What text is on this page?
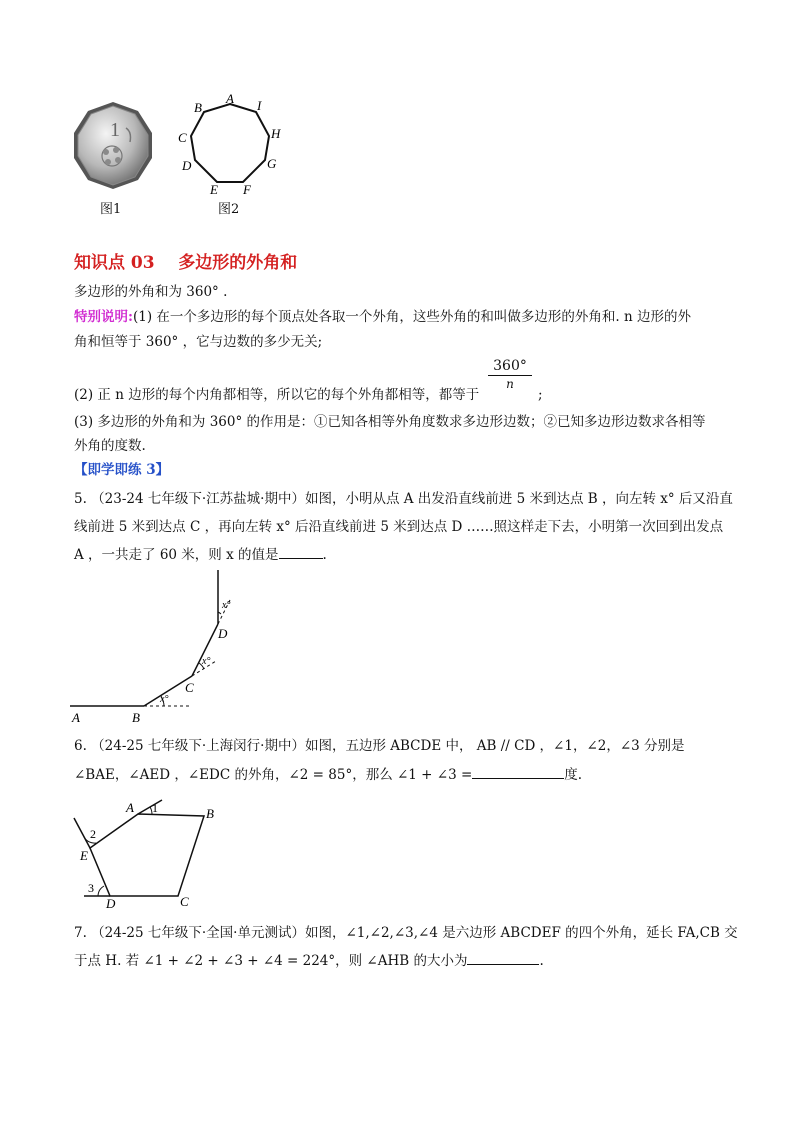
1
图1
A I
H
G
F
E
D
C
B
图2
知识点 03    多边形的外角和
多边形的外角和为 360° .
特别说明:(1) 在一个多边形的每个顶点处各取一个外角，这些外角的和叫做多边形的外角和. n 边形的外
角和恒等于 360° ，它与边数的多少无关;
360°
n
(2) 正 n 边形的每个内角都相等，所以它的每个外角都相等，都等于	;
(3) 多边形的外角和为 360° 的作用是：①已知各相等外角度数求多边形边数；②已知多边形边数求各相等
外角的度数.
【即学即练 3】
5. （23-24 七年级下·江苏盐城·期中）如图，小明从点 A 出发沿直线前进 5 米到达点 B ，向左转 x° 后又沿直
线前进 5 米到达点 C ，再向左转 x° 后沿直线前进 5 米到达点 D ……照这样走下去，小明第一次回到出发点
A ，一共走了 60 米，则 x 的值是	.
A	B
C
D
x°
x°
x°
6. （24-25 七年级下·上海闵行·期中）如图，五边形 ABCDE 中， AB // CD ，∠1，∠2，∠3 分别是
∠BAE，∠AED ，∠EDC 的外角，∠2 = 85°，那么 ∠1 + ∠3 =	度.
A	B
C
D
E
1
2
3
7. （24-25 七年级下·全国·单元测试）如图，∠1,∠2,∠3,∠4 是六边形 ABCDEF 的四个外角，延长 FA,CB 交
于点 H. 若 ∠1 + ∠2 + ∠3 + ∠4 = 224°，则 ∠AHB 的大小为	.
